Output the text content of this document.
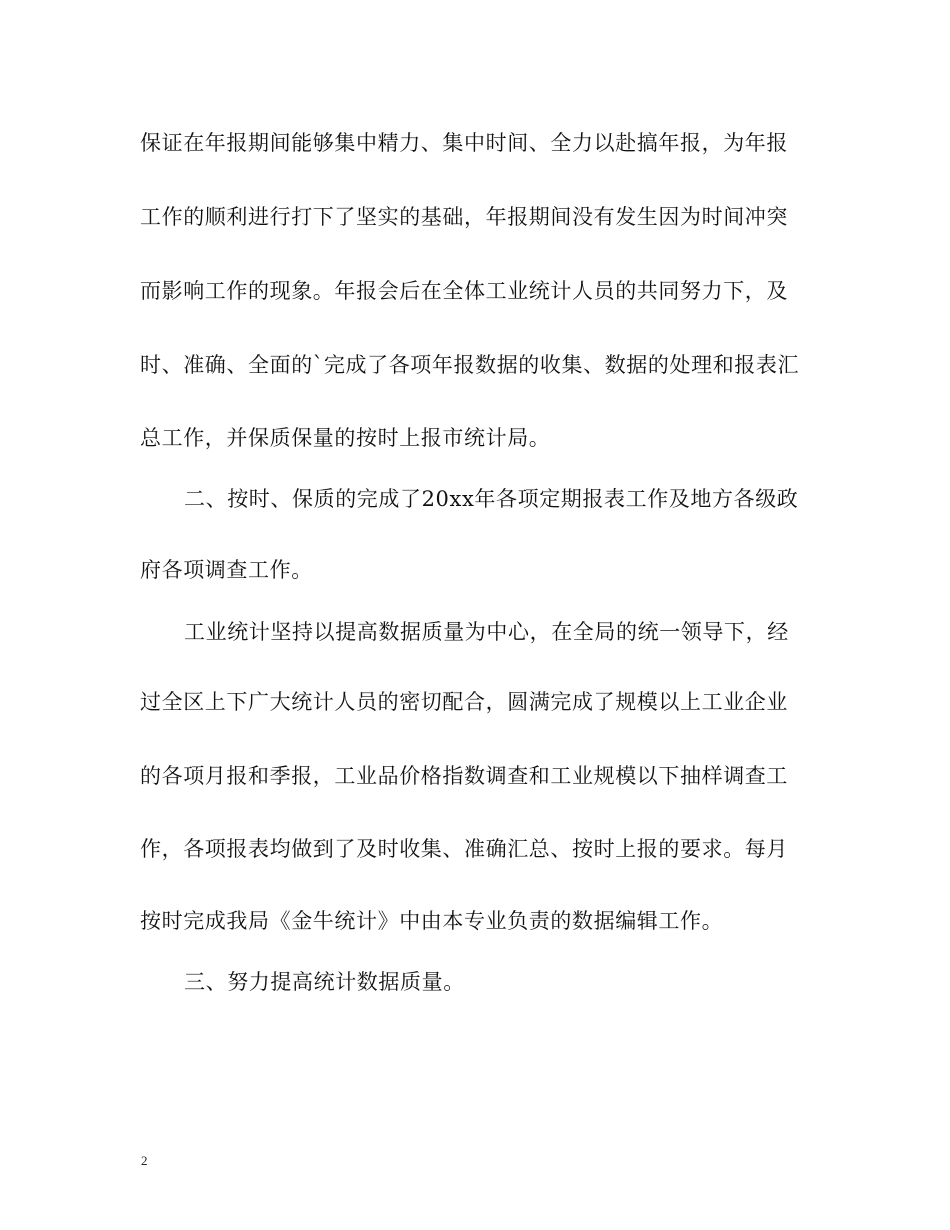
保证在年报期间能够集中精力、集中时间、全力以赴搞年报，为年报
工作的顺利进行打下了坚实的基础，年报期间没有发生因为时间冲突
而影响工作的现象。年报会后在全体工业统计人员的共同努力下，及
时、准确、全面的`完成了各项年报数据的收集、数据的处理和报表汇
总工作，并保质保量的按时上报市统计局。
二、按时、保质的完成了20xx年各项定期报表工作及地方各级政
府各项调查工作。
工业统计坚持以提高数据质量为中心，在全局的统一领导下，经
过全区上下广大统计人员的密切配合，圆满完成了规模以上工业企业
的各项月报和季报，工业品价格指数调查和工业规模以下抽样调查工
作，各项报表均做到了及时收集、准确汇总、按时上报的要求。每月
按时完成我局《金牛统计》中由本专业负责的数据编辑工作。
三、努力提高统计数据质量。
2
